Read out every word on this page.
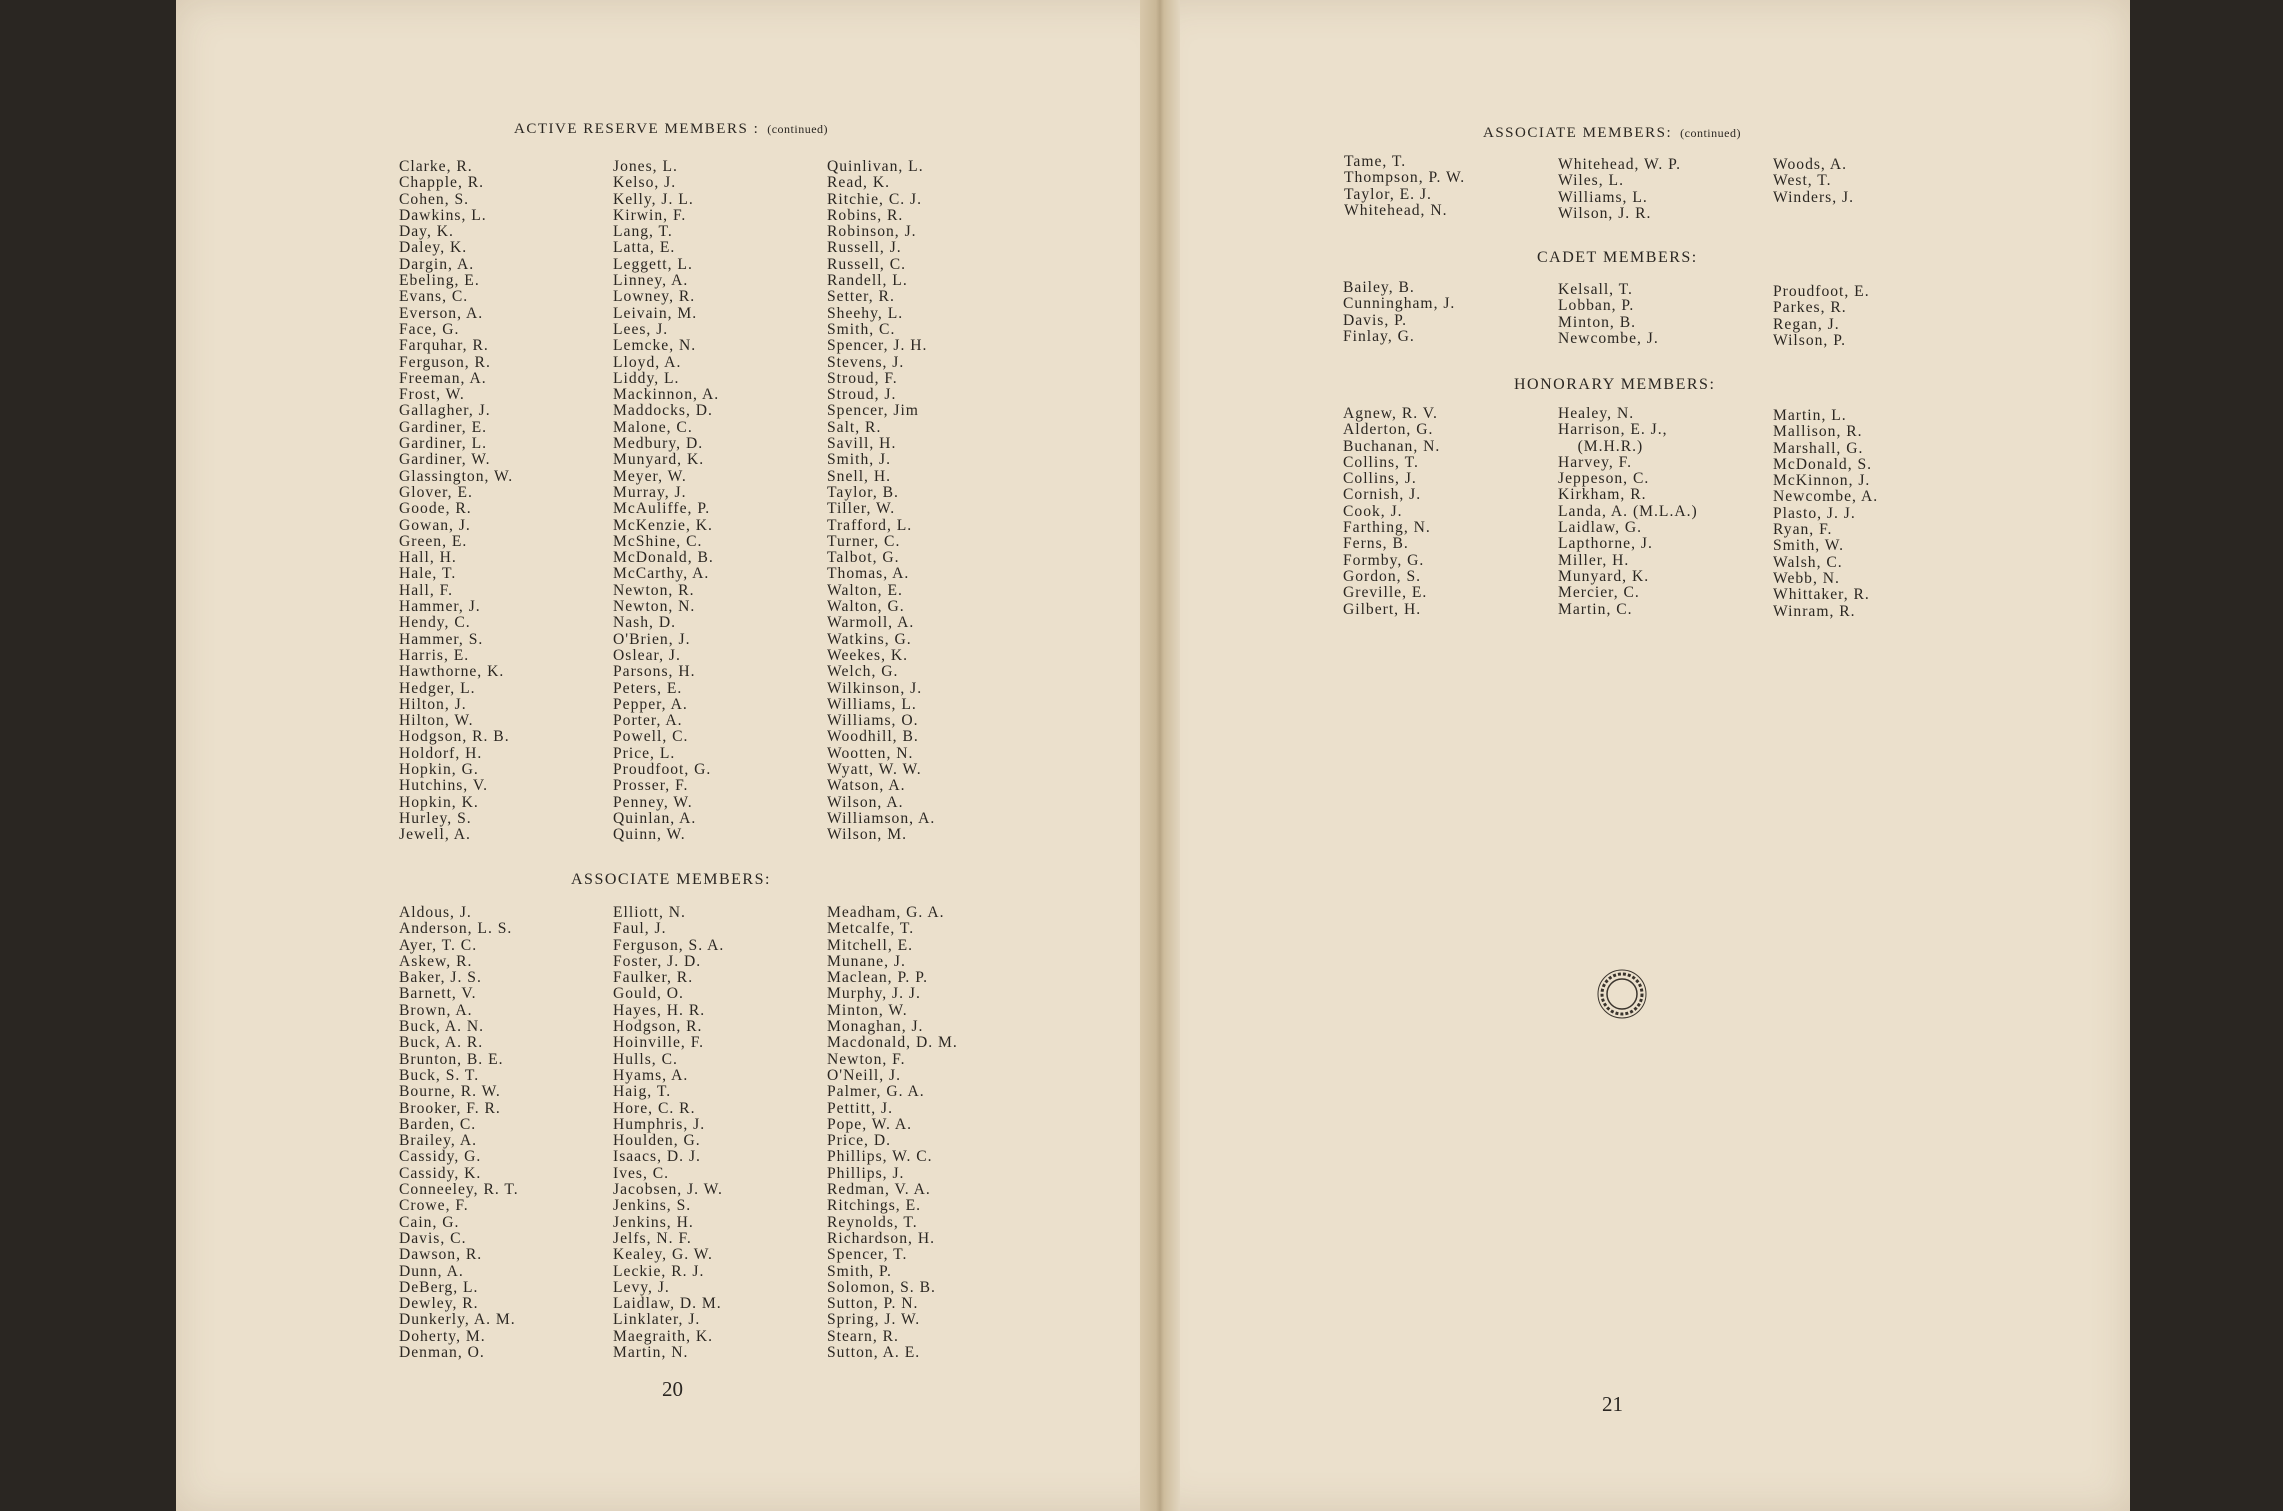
ACTIVE RESERVE MEMBERS : (continued)
Clarke, R.
Chapple, R.
Cohen, S.
Dawkins, L.
Day, K.
Daley, K.
Dargin, A.
Ebeling, E.
Evans, C.
Everson, A.
Face, G.
Farquhar, R.
Ferguson, R.
Freeman, A.
Frost, W.
Gallagher, J.
Gardiner, E.
Gardiner, L.
Gardiner, W.
Glassington, W.
Glover, E.
Goode, R.
Gowan, J.
Green, E.
Hall, H.
Hale, T.
Hall, F.
Hammer, J.
Hendy, C.
Hammer, S.
Harris, E.
Hawthorne, K.
Hedger, L.
Hilton, J.
Hilton, W.
Hodgson, R. B.
Holdorf, H.
Hopkin, G.
Hutchins, V.
Hopkin, K.
Hurley, S.
Jewell, A.
Jones, L.
Kelso, J.
Kelly, J. L.
Kirwin, F.
Lang, T.
Latta, E.
Leggett, L.
Linney, A.
Lowney, R.
Leivain, M.
Lees, J.
Lemcke, N.
Lloyd, A.
Liddy, L.
Mackinnon, A.
Maddocks, D.
Malone, C.
Medbury, D.
Munyard, K.
Meyer, W.
Murray, J.
McAuliffe, P.
McKenzie, K.
McShine, C.
McDonald, B.
McCarthy, A.
Newton, R.
Newton, N.
Nash, D.
O'Brien, J.
Oslear, J.
Parsons, H.
Peters, E.
Pepper, A.
Porter, A.
Powell, C.
Price, L.
Proudfoot, G.
Prosser, F.
Penney, W.
Quinlan, A.
Quinn, W.
Quinlivan, L.
Read, K.
Ritchie, C. J.
Robins, R.
Robinson, J.
Russell, J.
Russell, C.
Randell, L.
Setter, R.
Sheehy, L.
Smith, C.
Spencer, J. H.
Stevens, J.
Stroud, F.
Stroud, J.
Spencer, Jim
Salt, R.
Savill, H.
Smith, J.
Snell, H.
Taylor, B.
Tiller, W.
Trafford, L.
Turner, C.
Talbot, G.
Thomas, A.
Walton, E.
Walton, G.
Warmoll, A.
Watkins, G.
Weekes, K.
Welch, G.
Wilkinson, J.
Williams, L.
Williams, O.
Woodhill, B.
Wootten, N.
Wyatt, W. W.
Watson, A.
Wilson, A.
Williamson, A.
Wilson, M.
ASSOCIATE MEMBERS:
Aldous, J.
Anderson, L. S.
Ayer, T. C.
Askew, R.
Baker, J. S.
Barnett, V.
Brown, A.
Buck, A. N.
Buck, A. R.
Brunton, B. E.
Buck, S. T.
Bourne, R. W.
Brooker, F. R.
Barden, C.
Brailey, A.
Cassidy, G.
Cassidy, K.
Conneeley, R. T.
Crowe, F.
Cain, G.
Davis, C.
Dawson, R.
Dunn, A.
DeBerg, L.
Dewley, R.
Dunkerly, A. M.
Doherty, M.
Denman, O.
Elliott, N.
Faul, J.
Ferguson, S. A.
Foster, J. D.
Faulker, R.
Gould, O.
Hayes, H. R.
Hodgson, R.
Hoinville, F.
Hulls, C.
Hyams, A.
Haig, T.
Hore, C. R.
Humphris, J.
Houlden, G.
Isaacs, D. J.
Ives, C.
Jacobsen, J. W.
Jenkins, S.
Jenkins, H.
Jelfs, N. F.
Kealey, G. W.
Leckie, R. J.
Levy, J.
Laidlaw, D. M.
Linklater, J.
Maegraith, K.
Martin, N.
Meadham, G. A.
Metcalfe, T.
Mitchell, E.
Munane, J.
Maclean, P. P.
Murphy, J. J.
Minton, W.
Monaghan, J.
Macdonald, D. M.
Newton, F.
O'Neill, J.
Palmer, G. A.
Pettitt, J.
Pope, W. A.
Price, D.
Phillips, W. C.
Phillips, J.
Redman, V. A.
Ritchings, E.
Reynolds, T.
Richardson, H.
Spencer, T.
Smith, P.
Solomon, S. B.
Sutton, P. N.
Spring, J. W.
Stearn, R.
Sutton, A. E.
20
ASSOCIATE MEMBERS: (continued)
Tame, T.
Thompson, P. W.
Taylor, E. J.
Whitehead, N.
Whitehead, W. P.
Wiles, L.
Williams, L.
Wilson, J. R.
Woods, A.
West, T.
Winders, J.
CADET MEMBERS:
Bailey, B.
Cunningham, J.
Davis, P.
Finlay, G.
Kelsall, T.
Lobban, P.
Minton, B.
Newcombe, J.
Proudfoot, E.
Parkes, R.
Regan, J.
Wilson, P.
HONORARY MEMBERS:
Agnew, R. V.
Alderton, G.
Buchanan, N.
Collins, T.
Collins, J.
Cornish, J.
Cook, J.
Farthing, N.
Ferns, B.
Formby, G.
Gordon, S.
Greville, E.
Gilbert, H.
Healey, N.
Harrison, E. J.,
(M.H.R.)
Harvey, F.
Jeppeson, C.
Kirkham, R.
Landa, A. (M.L.A.)
Laidlaw, G.
Lapthorne, J.
Miller, H.
Munyard, K.
Mercier, C.
Martin, C.
Martin, L.
Mallison, R.
Marshall, G.
McDonald, S.
McKinnon, J.
Newcombe, A.
Plasto, J. J.
Ryan, F.
Smith, W.
Walsh, C.
Webb, N.
Whittaker, R.
Winram, R.
21
